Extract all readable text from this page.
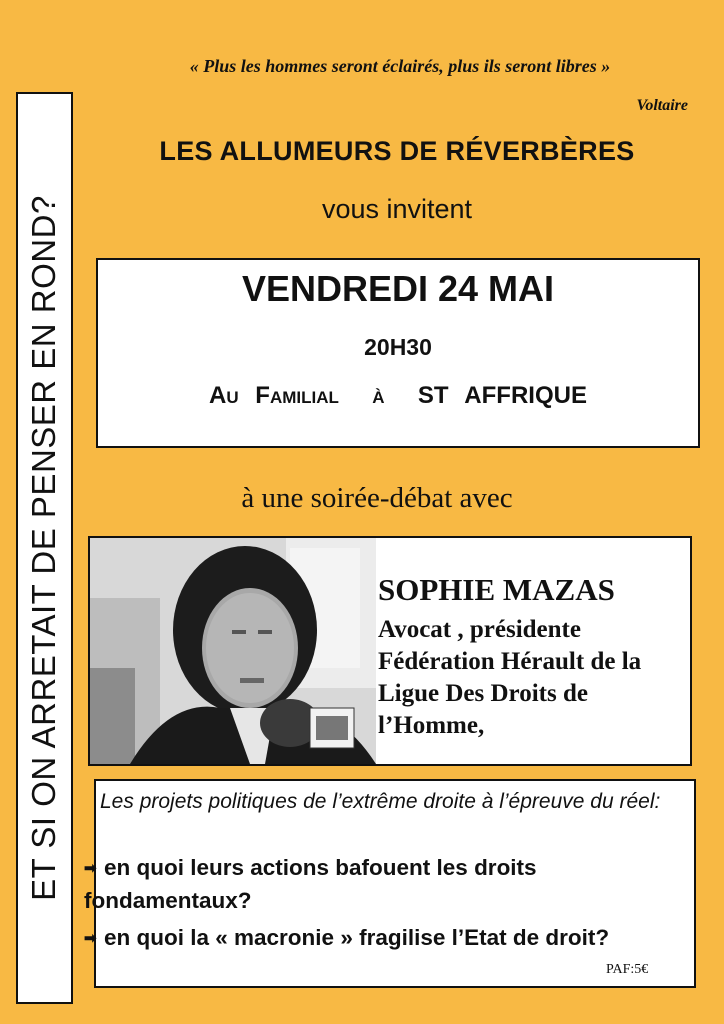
ET SI ON ARRETAIT DE PENSER EN ROND?
« Plus les hommes seront éclairés, plus ils seront libres »
Voltaire
LES ALLUMEURS DE RÉVERBÈRES
vous invitent
VENDREDI 24 MAI
20H30
Au Familial  à  ST AFFRIQUE
à une soirée-débat avec
SOPHIE MAZAS
Avocat , présidente Fédération Hérault de la Ligue Des Droits de l’Homme,
Les projets politiques de l’extrême droite à l’épreuve du réel:
➡ en quoi leurs actions bafouent les droits fondamentaux?
➡ en quoi la « macronie » fragilise l’Etat de droit?
PAF:5€
